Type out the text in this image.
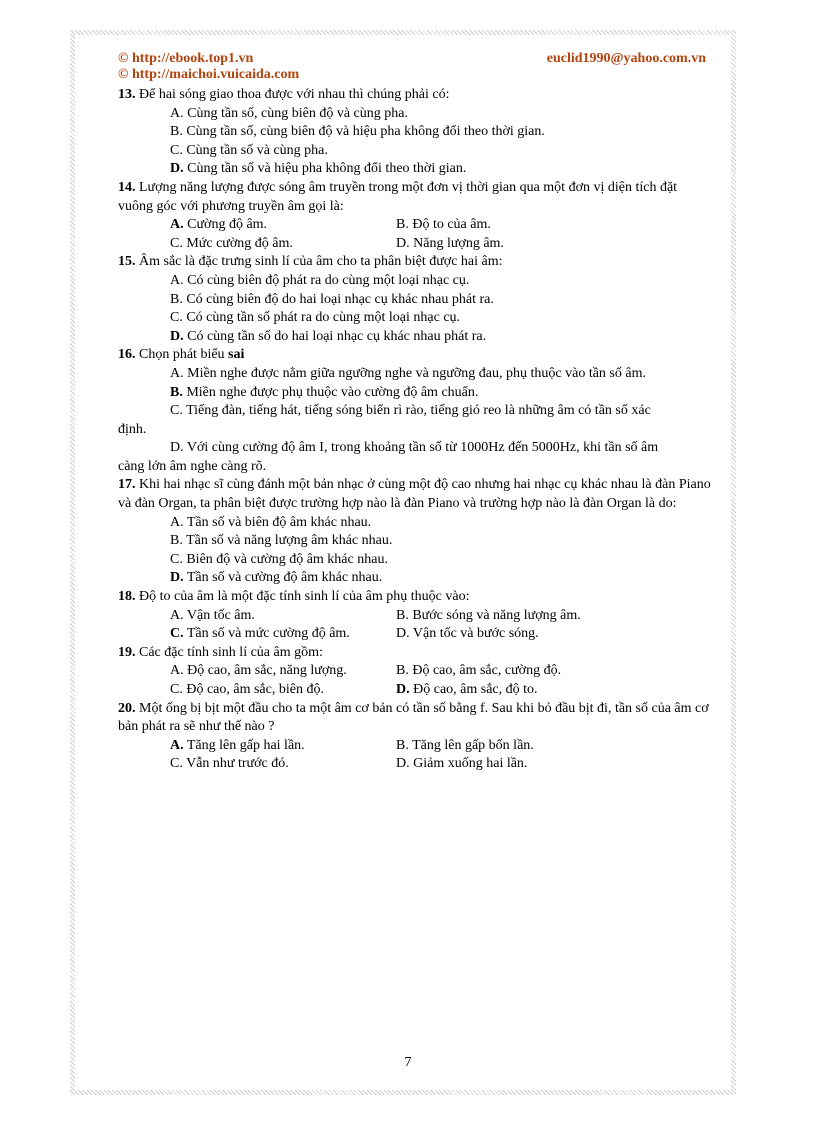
© http://ebook.top1.vn
© http://maichoi.vuicaida.com
euclid1990@yahoo.com.vn

13. Để hai sóng giao thoa được với nhau thì chúng phải có:

A. Cùng tần số, cùng biên độ và cùng pha.
B. Cùng tần số, cùng biên độ và hiệu pha không đổi theo thời gian.
C. Cùng tần số và cùng pha.
D. Cùng tần số và hiệu pha không đổi theo thời gian.

14. Lượng năng lượng được sóng âm truyền trong một đơn vị thời gian qua một đơn vị diện tích đặt vuông góc với phương truyền âm gọi là:

A. Cường độ âm.	B. Độ to của âm.
C. Mức cường độ âm.	D. Năng lượng âm.

15. Âm sắc là đặc trưng sinh lí của âm cho ta phân biệt được hai âm:

A. Có cùng biên độ phát ra do cùng một loại nhạc cụ.
B. Có cùng biên độ do hai loại nhạc cụ khác nhau phát ra.
C. Có cùng tần số phát ra do cùng một loại nhạc cụ.
D. Có cùng tần số do hai loại nhạc cụ khác nhau phát ra.

16. Chọn phát biểu sai

A. Miền nghe được nằm giữa ngưỡng nghe và ngưỡng đau, phụ thuộc vào tần số âm.
B. Miền nghe được phụ thuộc vào cường độ âm chuẩn.
C. Tiếng đàn, tiếng hát, tiếng sóng biển rì rào, tiếng gió reo là những âm có tần số xác
định.
D. Với cùng cường độ âm I, trong khoảng tần số từ 1000Hz đến 5000Hz, khi tần số âm
càng lớn âm nghe càng rõ.

17. Khi hai nhạc sĩ cùng đánh một bản nhạc ở cùng một độ cao nhưng hai nhạc cụ khác nhau là đàn Piano và đàn Organ, ta phân biệt được trường hợp nào là đàn Piano và trường hợp nào là đàn Organ là do:

A. Tần số và biên độ âm khác nhau.
B. Tần số và năng lượng âm khác nhau.
C. Biên độ và cường độ âm khác nhau.
D. Tần số và cường độ âm khác nhau.

18. Độ to của âm là một đặc tính sinh lí của âm phụ thuộc vào:

A. Vận tốc âm.	B. Bước sóng và năng lượng âm.
C. Tần số và mức cường độ âm.	D. Vận tốc và bước sóng.

19. Các đặc tính sinh lí của âm gồm:

A. Độ cao, âm sắc, năng lượng.	B. Độ cao, âm sắc, cường độ.
C. Độ cao, âm sắc, biên độ.	D. Độ cao, âm sắc, độ to.

20. Một ống bị bịt một đầu cho ta một âm cơ bản có tần số bằng f. Sau khi bỏ đầu bịt đi, tần số của âm cơ bản phát ra sẽ như thế nào ?

A. Tăng lên gấp hai lần.	B. Tăng lên gấp bốn lần.
C. Vẫn như trước đó.	D. Giảm xuống hai lần.
7
